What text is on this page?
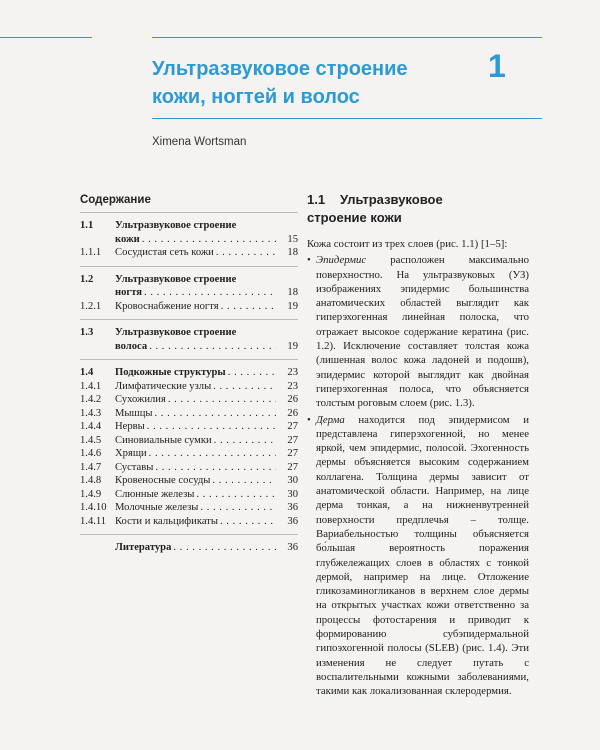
Ультразвуковое строение
кожи, ногтей и волос
1
Ximena Wortsman
Содержание
1.1	Ультразвуковое строение
кожи . . .	15
1.1.1	Сосудистая сеть кожи . . .	18
1.2	Ультразвуковое строение
ногтя . . .	18
1.2.1	Кровоснабжение ногтя . . .	19
1.3	Ультразвуковое строение
волоса . . .	19
1.4	Подкожные структуры . . .	23
1.4.1	Лимфатические узлы . . .	23
1.4.2	Сухожилия . . .	26
1.4.3	Мышцы . . .	26
1.4.4	Нервы . . .	27
1.4.5	Синовиальные сумки . . .	27
1.4.6	Хрящи . . .	27
1.4.7	Суставы . . .	27
1.4.8	Кровеносные сосуды . . .	30
1.4.9	Слюнные железы . . .	30
1.4.10 Молочные железы . . .	36
1.4.11 Кости и кальцификаты . . .	36
Литература . . .	36
1.1 Ультразвуковое
строение кожи

Кожа состоит из трех слоев (рис. 1.1) [1–5]:

• Эпидермис расположен максимально поверхностно. На ультразвуковых (УЗ) изображениях эпидермис большинства анатомических областей выглядит как гиперэхогенная линейная полоска, что отражает высокое содержание кератина (рис. 1.2). Исключение составляет толстая кожа (лишенная волос кожа ладоней и подошв), эпидермис которой выглядит как двойная гиперэхогенная полоса, что объясняется толстым роговым слоем (рис. 1.3).

• Дерма находится под эпидермисом и представлена гиперэхогенной, но менее яркой, чем эпидермис, полосой. Эхогенность дермы объясняется высоким содержанием коллагена. Толщина дермы зависит от анатомической области. Например, на лице дерма тонкая, а на нижненвутренней поверхности предплечья – толще. Вариабельностью толщины объясняется бо́льшая вероятность поражения глубжележащих слоев в областях с тонкой дермой, например на лице. Отложение гликозаминогликанов в верхнем слое дермы на открытых участках кожи ответственно за процессы фотостарения и приводит к формированию субэпидермальной гипоэхогенной полосы (SLEB) (рис. 1.4). Эти изменения не следует путать с воспалительными кожными заболеваниями, такими как локализованная склеродермия.
